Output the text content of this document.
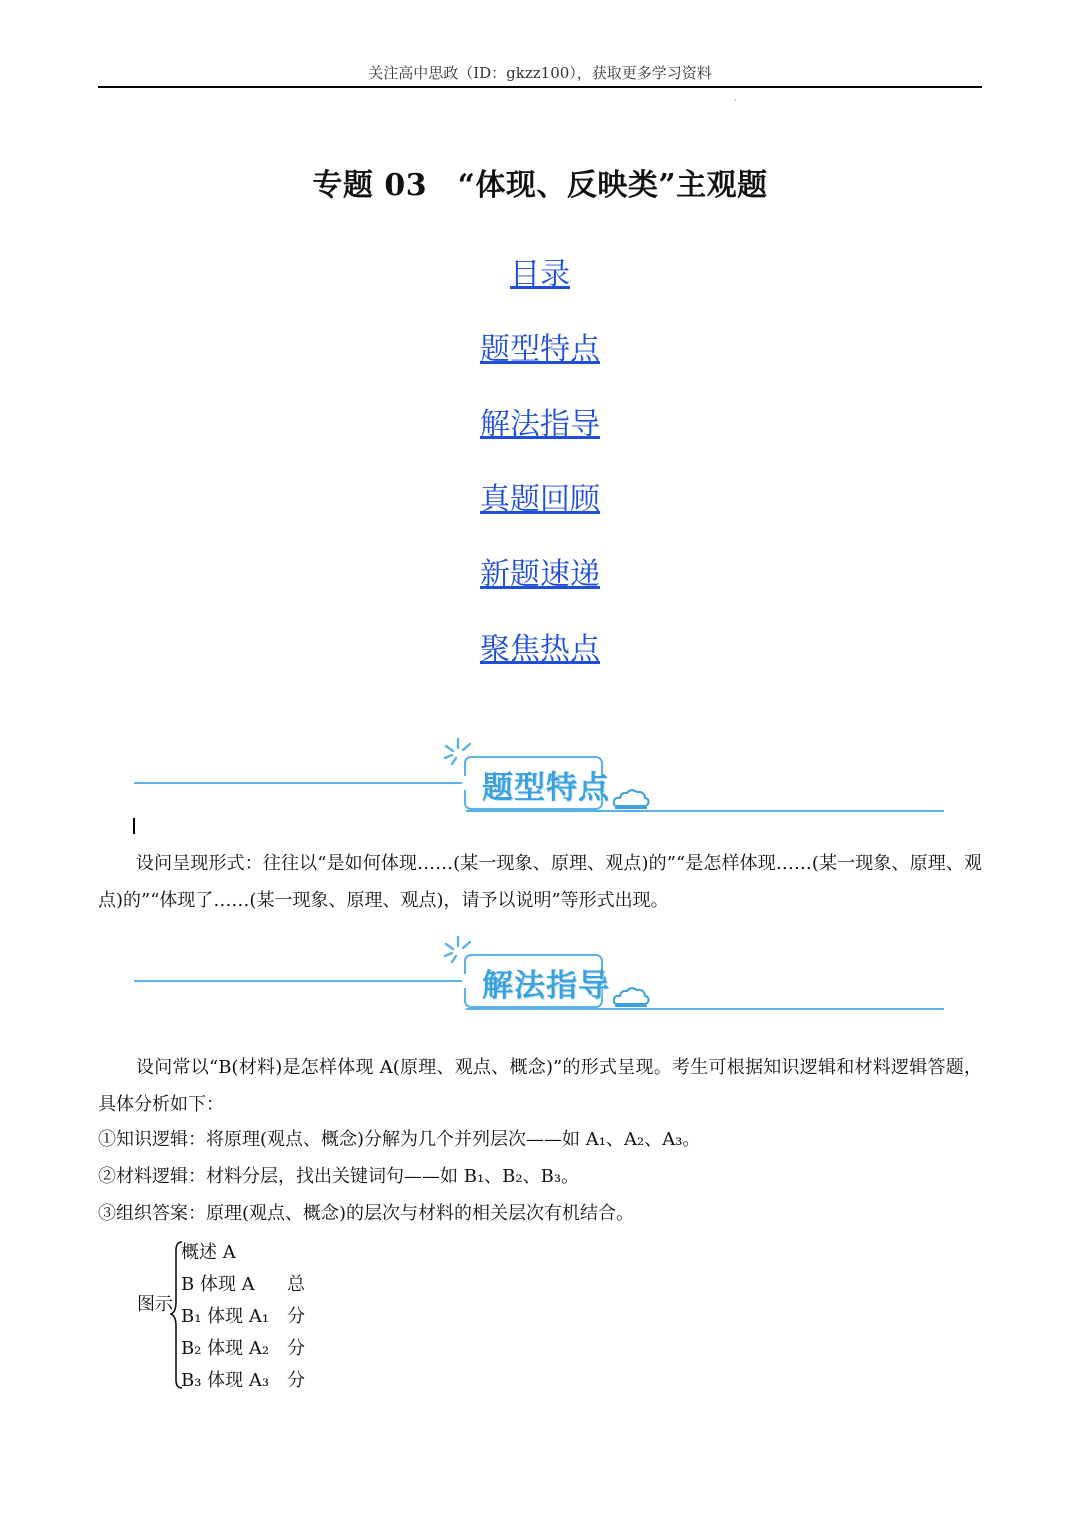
关注高中思政（ID：gkzz100），获取更多学习资料
'
专题 03　“体现、反映类”主观题
目录
题型特点
解法指导
真题回顾
新题速递
聚焦热点
题型特点
设问呈现形式：往往以“是如何体现……(某一现象、原理、观点)的”“是怎样体现……(某一现象、原理、观点)的”“体现了……(某一现象、原理、观点)，请予以说明”等形式出现。
解法指导
设问常以“B(材料)是怎样体现 A(原理、观点、概念)”的形式呈现。考生可根据知识逻辑和材料逻辑答题，具体分析如下：
①知识逻辑：将原理(观点、概念)分解为几个并列层次——如 A₁、A₂、A₃。
②材料逻辑：材料分层，找出关键词句——如 B₁、B₂、B₃。
③组织答案：原理(观点、概念)的层次与材料的相关层次有机结合。
图示
概述 A
B 体现 A 总
B₁ 体现 A₁ 分
B₂ 体现 A₂ 分
B₃ 体现 A₃ 分
